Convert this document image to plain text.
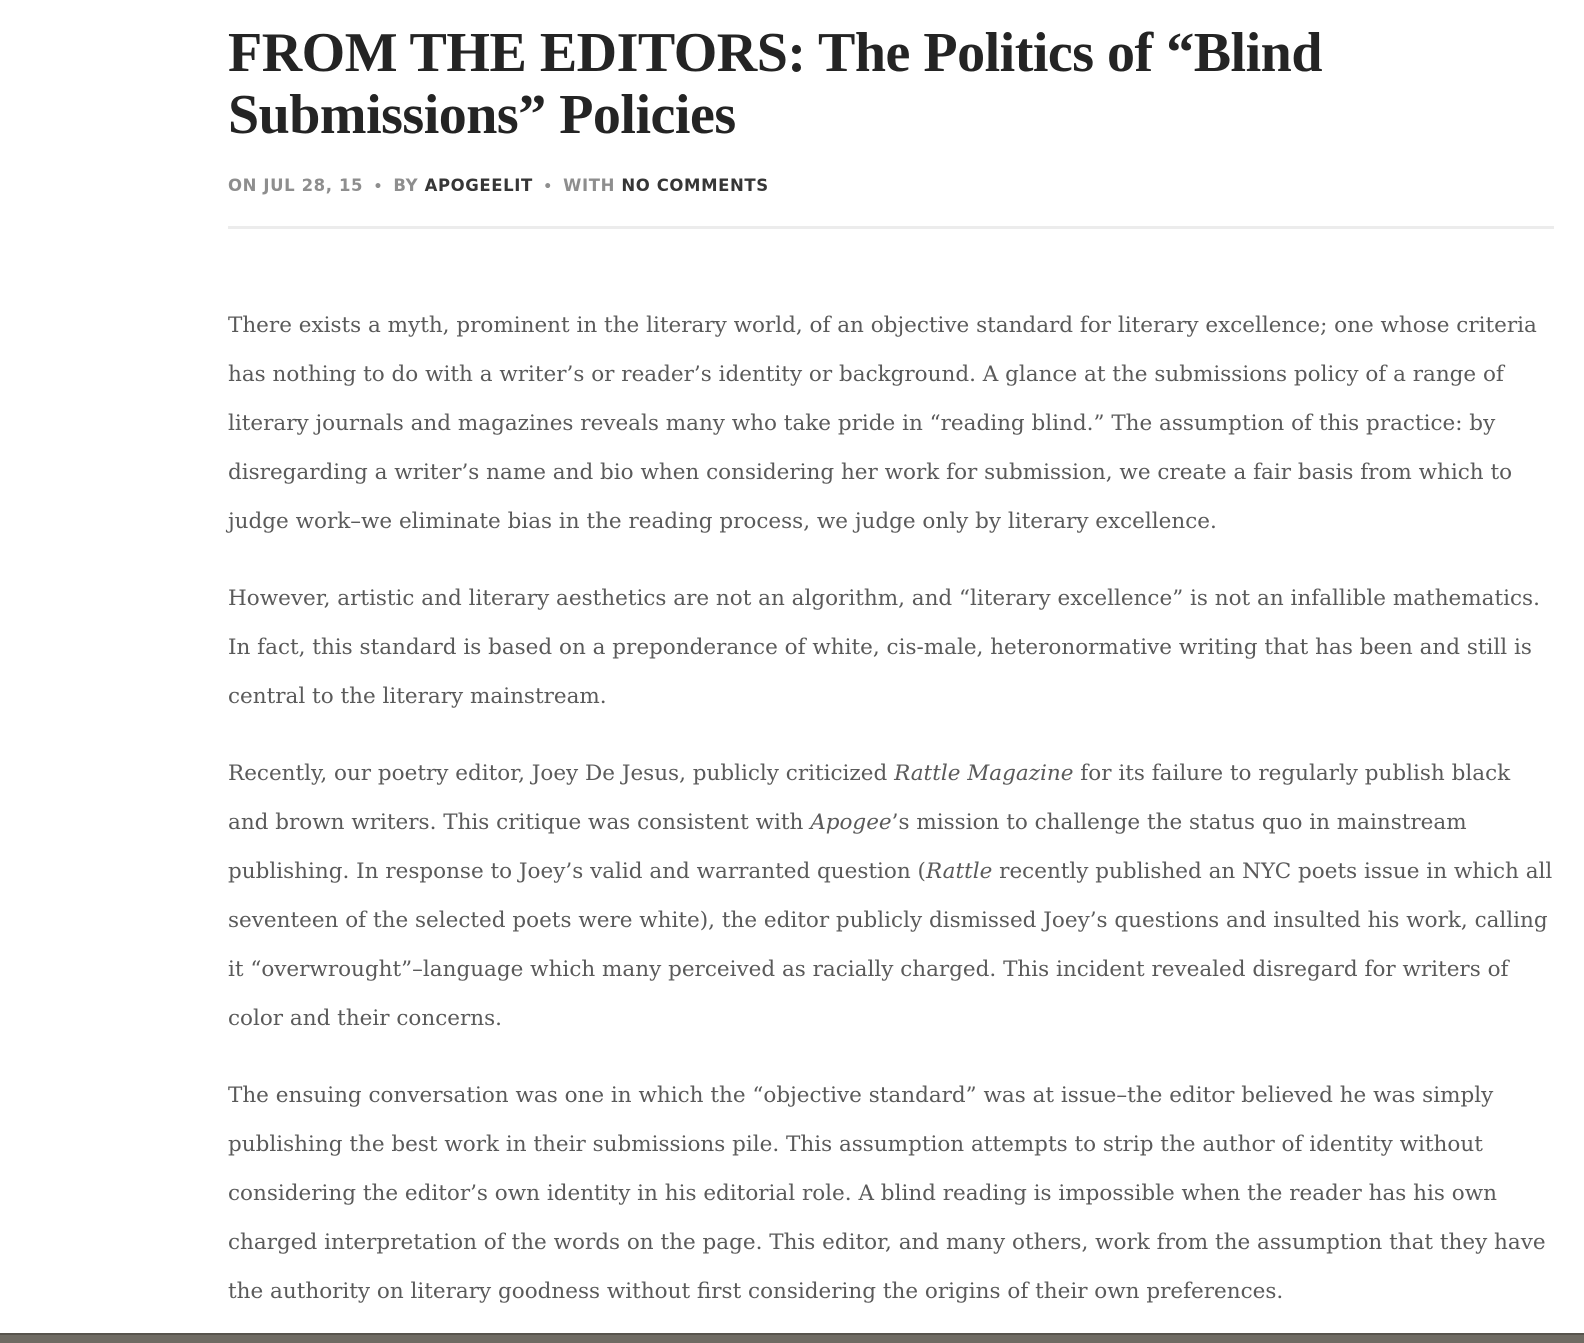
FROM THE EDITORS: The Politics of “Blind Submissions” Policies
ON JUL 28, 15 • BY APOGEELIT • WITH NO COMMENTS

There exists a myth, prominent in the literary world, of an objective standard for literary excellence; one whose criteria has nothing to do with a writer’s or reader’s identity or background. A glance at the submissions policy of a range of literary journals and magazines reveals many who take pride in “reading blind.” The assumption of this practice: by disregarding a writer’s name and bio when considering her work for submission, we create a fair basis from which to judge work–we eliminate bias in the reading process, we judge only by literary excellence.

However, artistic and literary aesthetics are not an algorithm, and “literary excellence” is not an infallible mathematics. In fact, this standard is based on a preponderance of white, cis-male, heteronormative writing that has been and still is central to the literary mainstream.

Recently, our poetry editor, Joey De Jesus, publicly criticized Rattle Magazine for its failure to regularly publish black and brown writers. This critique was consistent with Apogee’s mission to challenge the status quo in mainstream publishing. In response to Joey’s valid and warranted question (Rattle recently published an NYC poets issue in which all seventeen of the selected poets were white), the editor publicly dismissed Joey’s questions and insulted his work, calling it “overwrought”–language which many perceived as racially charged. This incident revealed disregard for writers of color and their concerns.

The ensuing conversation was one in which the “objective standard” was at issue–the editor believed he was simply publishing the best work in their submissions pile. This assumption attempts to strip the author of identity without considering the editor’s own identity in his editorial role. A blind reading is impossible when the reader has his own charged interpretation of the words on the page. This editor, and many others, work from the assumption that they have the authority on literary goodness without first considering the origins of their own preferences.
